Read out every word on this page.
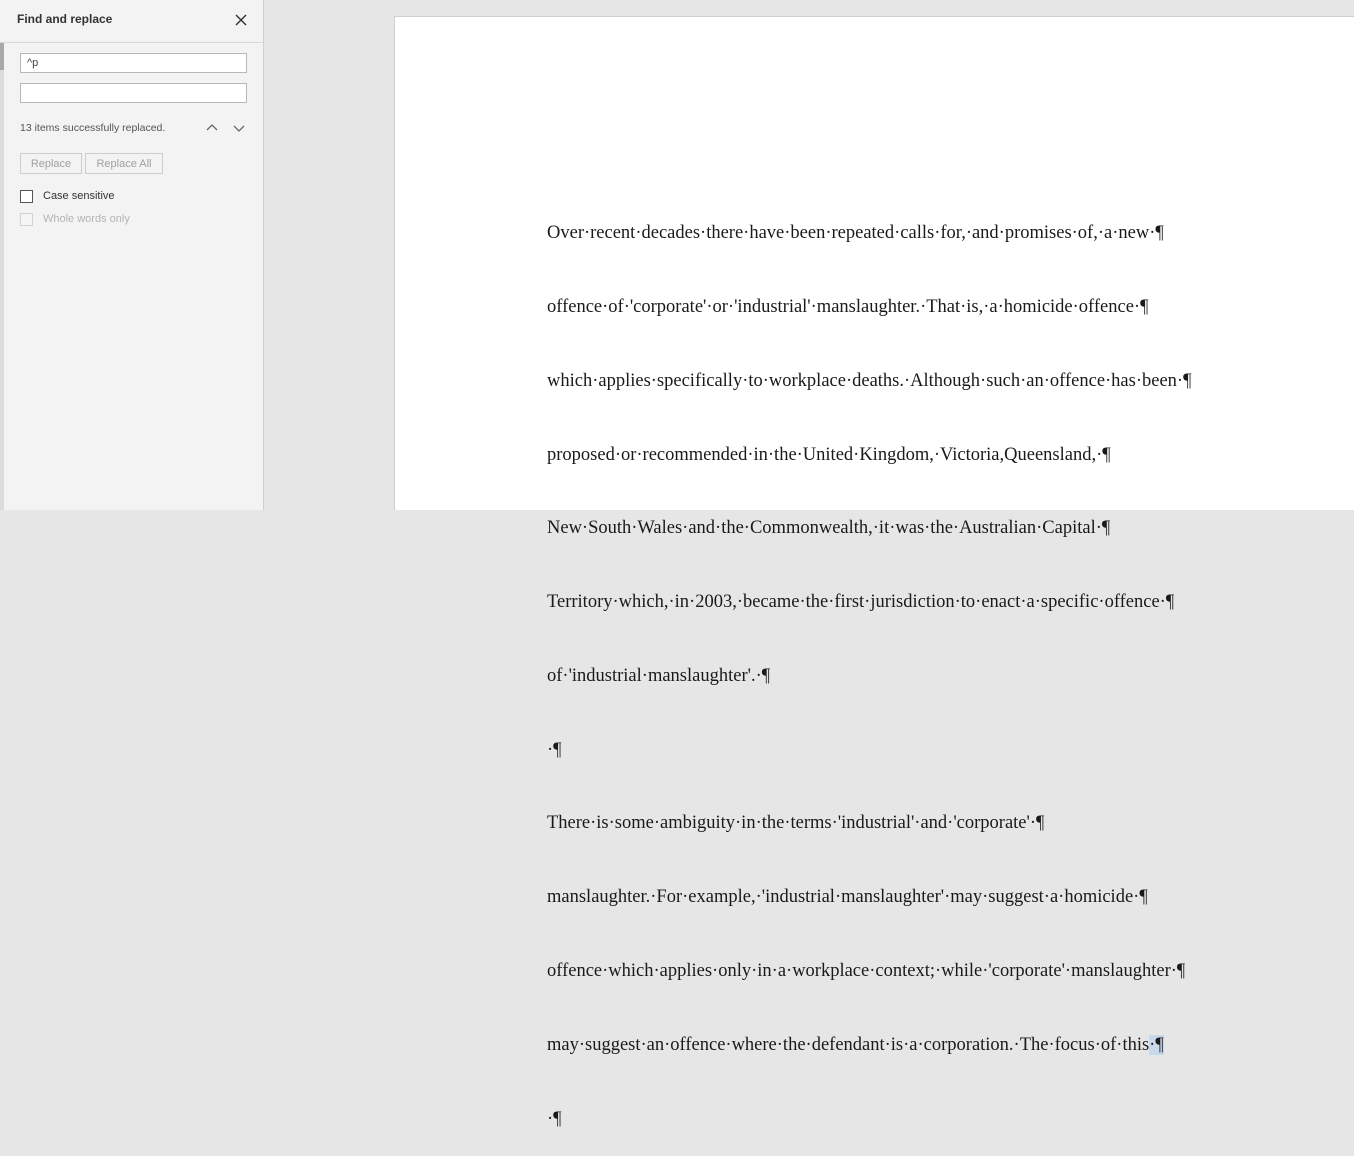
Find and replace
^p
13 items successfully replaced.
Replace	Replace All
Case sensitive
Whole words only

Over·recent·decades·there·have·been·repeated·calls·for,·and·promises·of,·a·new·¶

offence·of·'corporate'·or·'industrial'·manslaughter.·That·is,·a·homicide·offence·¶

which·applies·specifically·to·workplace·deaths.·Although·such·an·offence·has·been·¶

proposed·or·recommended·in·the·United·Kingdom,·Victoria,Queensland,·¶

New·South·Wales·and·the·Commonwealth,·it·was·the·Australian·Capital·¶

Territory·which,·in·2003,·became·the·first·jurisdiction·to·enact·a·specific·offence·¶

of·'industrial·manslaughter'.·¶

·¶

There·is·some·ambiguity·in·the·terms·'industrial'·and·'corporate'·¶

manslaughter.·For·example,·'industrial·manslaughter'·may·suggest·a·homicide·¶

offence·which·applies·only·in·a·workplace·context;·while·'corporate'·manslaughter·¶

may·suggest·an·offence·where·the·defendant·is·a·corporation.·The·focus·of·this·¶

·¶
